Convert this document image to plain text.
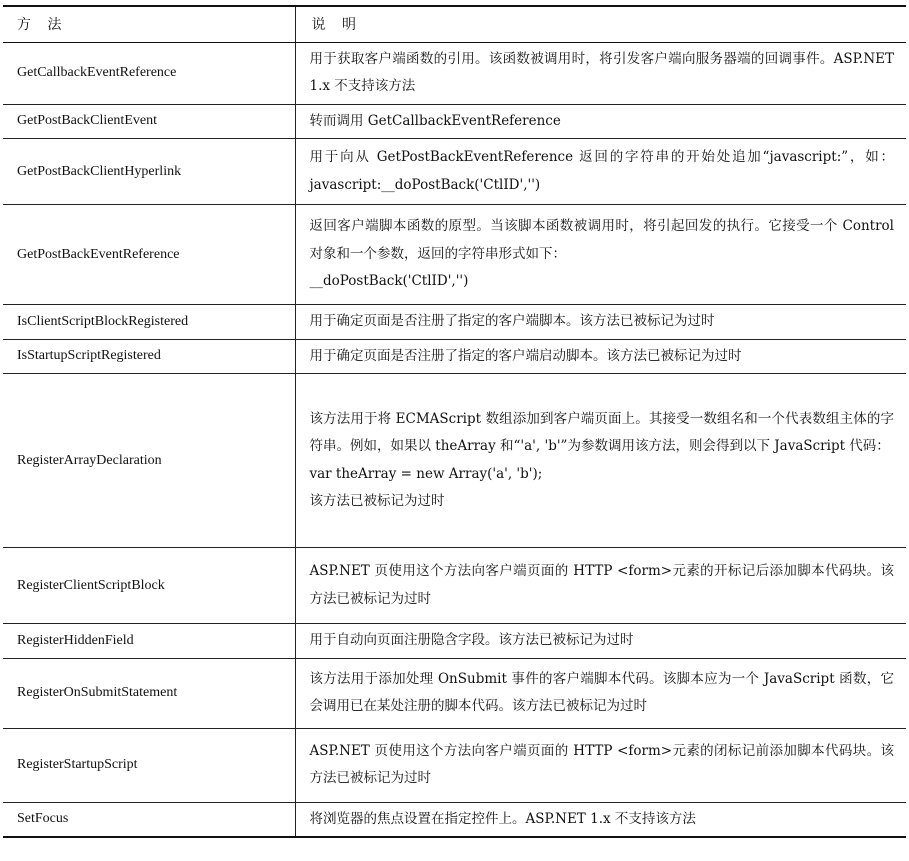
方 法	说 明
GetCallbackEventReference	用于获取客户端函数的引用。该函数被调用时，将引发客户端向服务器端的回调事件。ASP.NET 1.x 不支持该方法

GetPostBackClientEvent	转而调用 GetCallbackEventReference

GetPostBackClientHyperlink	用于向从 GetPostBackEventReference 返回的字符串的开始处追加“javascript:”，如：javascript:__doPostBack('CtlID','')

GetPostBackEventReference	返回客户端脚本函数的原型。当该脚本函数被调用时，将引起回发的执行。它接受一个 Control 对象和一个参数，返回的字符串形式如下：
__doPostBack('CtlID','')

IsClientScriptBlockRegistered	用于确定页面是否注册了指定的客户端脚本。该方法已被标记为过时

IsStartupScriptRegistered	用于确定页面是否注册了指定的客户端启动脚本。该方法已被标记为过时

RegisterArrayDeclaration	该方法用于将 ECMAScript 数组添加到客户端页面上。其接受一数组名和一个代表数组主体的字符串。例如，如果以 theArray 和“'a', 'b'”为参数调用该方法，则会得到以下 JavaScript 代码：
var theArray = new Array('a', 'b');
该方法已被标记为过时

RegisterClientScriptBlock	ASP.NET 页使用这个方法向客户端页面的 HTTP <form>元素的开标记后添加脚本代码块。该方法已被标记为过时

RegisterHiddenField	用于自动向页面注册隐含字段。该方法已被标记为过时

RegisterOnSubmitStatement	该方法用于添加处理 OnSubmit 事件的客户端脚本代码。该脚本应为一个 JavaScript 函数，它会调用已在某处注册的脚本代码。该方法已被标记为过时

RegisterStartupScript	ASP.NET 页使用这个方法向客户端页面的 HTTP <form>元素的闭标记前添加脚本代码块。该方法已被标记为过时

SetFocus	将浏览器的焦点设置在指定控件上。ASP.NET 1.x 不支持该方法
